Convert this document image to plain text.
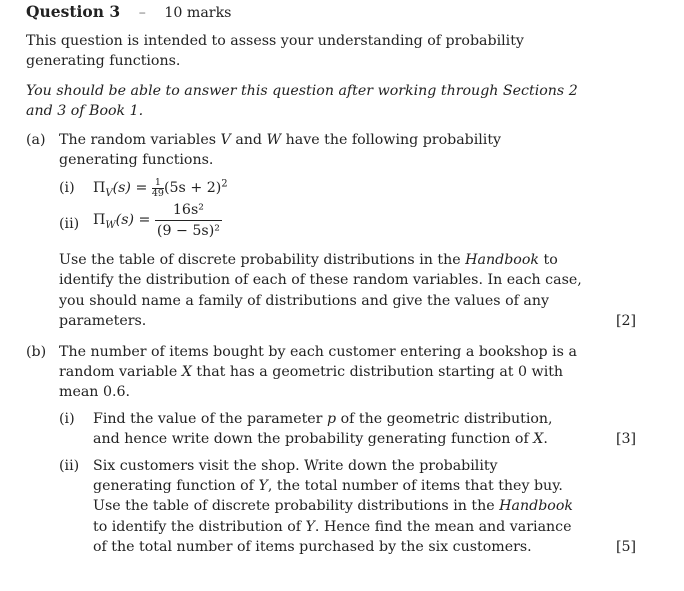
Question 3 – 10 marks
This question is intended to assess your understanding of probability
generating functions.
You should be able to answer this question after working through Sections 2
and 3 of Book 1.
(a) The random variables V and W have the following probability
generating functions.
(i) $\Pi_V(s) = \frac{1}{49} (5s + 2)^2$
(ii) $\Pi_W(s) = \frac{\text{16s²}}{\text{(9 − 5s)²}}$
Use the table of discrete probability distributions in the Handbook to
identify the distribution of each of these random variables. In each case,
you should name a family of distributions and give the values of any
parameters.	[2]
(b) The number of items bought by each customer entering a bookshop is a
random variable X that has a geometric distribution starting at 0 with
mean 0.6.
(i) Find the value of the parameter p of the geometric distribution,
and hence write down the probability generating function of X.	[3]
(ii) Six customers visit the shop. Write down the probability
generating function of Y, the total number of items that they buy.
Use the table of discrete probability distributions in the Handbook
to identify the distribution of Y. Hence find the mean and variance
of the total number of items purchased by the six customers.	[5]
